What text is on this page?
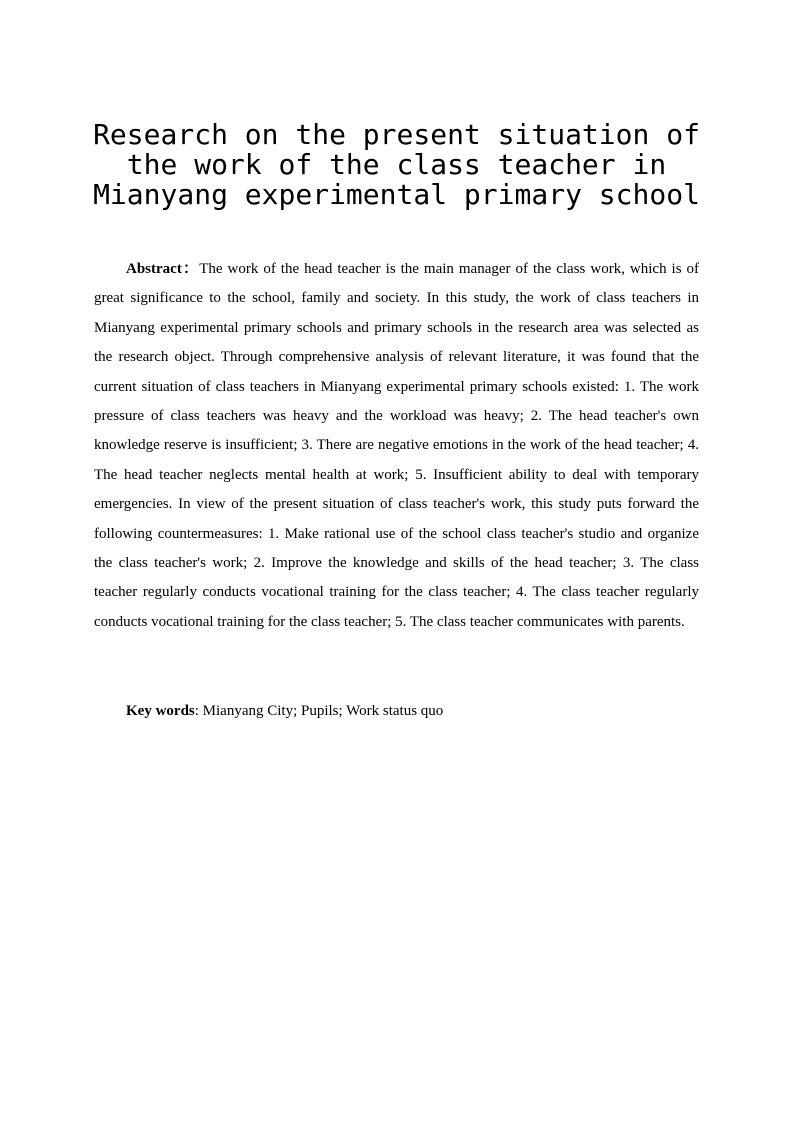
Research on the present situation of the work of the class teacher in Mianyang experimental primary school

Abstract：The work of the head teacher is the main manager of the class work, which is of great significance to the school, family and society. In this study, the work of class teachers in Mianyang experimental primary schools and primary schools in the research area was selected as the research object. Through comprehensive analysis of relevant literature, it was found that the current situation of class teachers in Mianyang experimental primary schools existed: 1. The work pressure of class teachers was heavy and the workload was heavy; 2. The head teacher's own knowledge reserve is insufficient; 3. There are negative emotions in the work of the head teacher; 4. The head teacher neglects mental health at work; 5. Insufficient ability to deal with temporary emergencies. In view of the present situation of class teacher's work, this study puts forward the following countermeasures: 1. Make rational use of the school class teacher's studio and organize the class teacher's work; 2. Improve the knowledge and skills of the head teacher; 3. The class teacher regularly conducts vocational training for the class teacher; 4. The class teacher regularly conducts vocational training for the class teacher; 5. The class teacher communicates with parents.

Key words: Mianyang City; Pupils; Work status quo
